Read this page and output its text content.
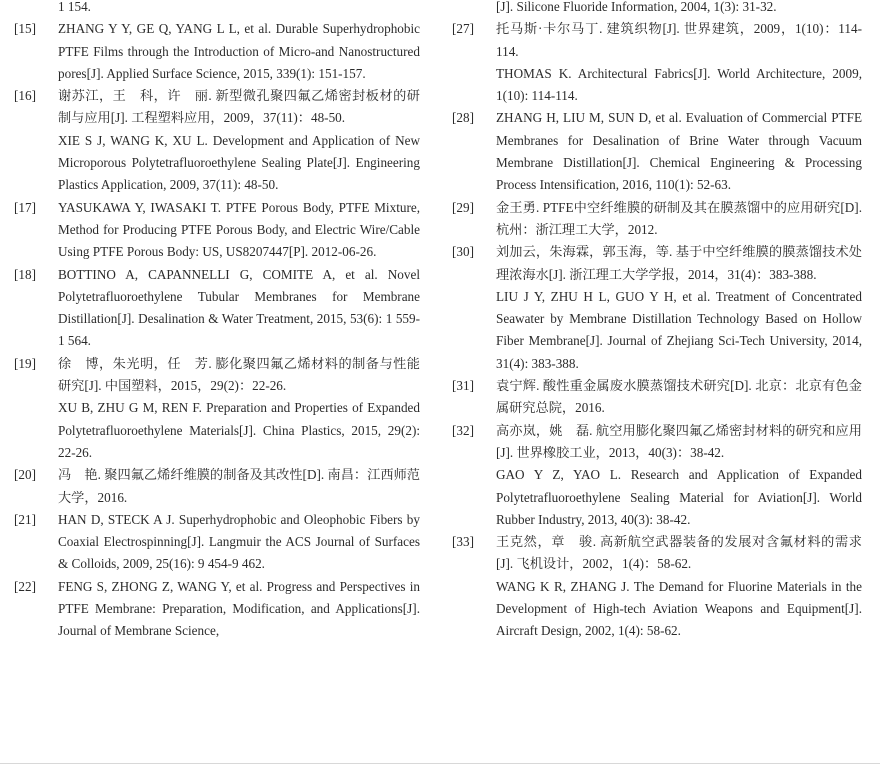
1 154.

[15] ZHANG Y Y, GE Q, YANG L L, et al. Durable Superhydrophobic PTFE Films through the Introduction of Micro-and Nanostructured pores[J]. Applied Surface Science, 2015, 339(1): 151-157.

[16] 谢苏江，王　科，许　丽. 新型微孔聚四氟乙烯密封板材的研制与应用[J]. 工程塑料应用，2009，37(11)：48-50.

XIE S J, WANG K, XU L. Development and Application of New Microporous Polytetrafluoroethylene Sealing Plate[J]. Engineering Plastics Application, 2009, 37(11): 48-50.

[17] YASUKAWA Y, IWASAKI T. PTFE Porous Body, PTFE Mixture, Method for Producing PTFE Porous Body, and Electric Wire/Cable Using PTFE Porous Body: US, US8207447[P]. 2012-06-26.

[18] BOTTINO A, CAPANNELLI G, COMITE A, et al. Novel Polytetrafluoroethylene Tubular Membranes for Membrane Distillation[J]. Desalination & Water Treatment, 2015, 53(6): 1 559-1 564.

[19] 徐　博，朱光明，任　芳. 膨化聚四氟乙烯材料的制备与性能研究[J]. 中国塑料，2015，29(2)：22-26.

XU B, ZHU G M, REN F. Preparation and Properties of Expanded Polytetrafluoroethylene Materials[J]. China Plastics, 2015, 29(2): 22-26.

[20] 冯　艳. 聚四氟乙烯纤维膜的制备及其改性[D]. 南昌：江西师范大学，2016.

[21] HAN D, STECK A J. Superhydrophobic and Oleophobic Fibers by Coaxial Electrospinning[J]. Langmuir the ACS Journal of Surfaces & Colloids, 2009, 25(16): 9 454-9 462.

[22] FENG S, ZHONG Z, WANG Y, et al. Progress and Perspectives in PTFE Membrane: Preparation, Modification, and Applications[J]. Journal of Membrane Science,

[J]. Silicone Fluoride Information, 2004, 1(3): 31-32.

[27] 托马斯·卡尔马丁. 建筑织物[J]. 世界建筑，2009，1(10)：114-114.

THOMAS K. Architectural Fabrics[J]. World Architecture, 2009, 1(10): 114-114.

[28] ZHANG H, LIU M, SUN D, et al. Evaluation of Commercial PTFE Membranes for Desalination of Brine Water through Vacuum Membrane Distillation[J]. Chemical Engineering & Processing Process Intensification, 2016, 110(1): 52-63.

[29] 金王勇. PTFE中空纤维膜的研制及其在膜蒸馏中的应用研究[D]. 杭州：浙江理工大学，2012.

[30] 刘加云，朱海霖，郭玉海，等. 基于中空纤维膜的膜蒸馏技术处理浓海水[J]. 浙江理工大学学报，2014，31(4)：383-388.

LIU J Y, ZHU H L, GUO Y H, et al. Treatment of Concentrated Seawater by Membrane Distillation Technology Based on Hollow Fiber Membrane[J]. Journal of Zhejiang Sci-Tech University, 2014, 31(4): 383-388.

[31] 袁宁辉. 酸性重金属废水膜蒸馏技术研究[D]. 北京：北京有色金属研究总院，2016.

[32] 高亦岚，姚　磊. 航空用膨化聚四氟乙烯密封材料的研究和应用[J]. 世界橡胶工业，2013，40(3)：38-42.

GAO Y Z, YAO L. Research and Application of Expanded Polytetrafluoroethylene Sealing Material for Aviation[J]. World Rubber Industry, 2013, 40(3): 38-42.

[33] 王克然，章　骏. 高新航空武器装备的发展对含氟材料的需求[J]. 飞机设计，2002，1(4)：58-62.

WANG K R, ZHANG J. The Demand for Fluorine Materials in the Development of High-tech Aviation Weapons and Equipment[J]. Aircraft Design, 2002, 1(4): 58-62.
